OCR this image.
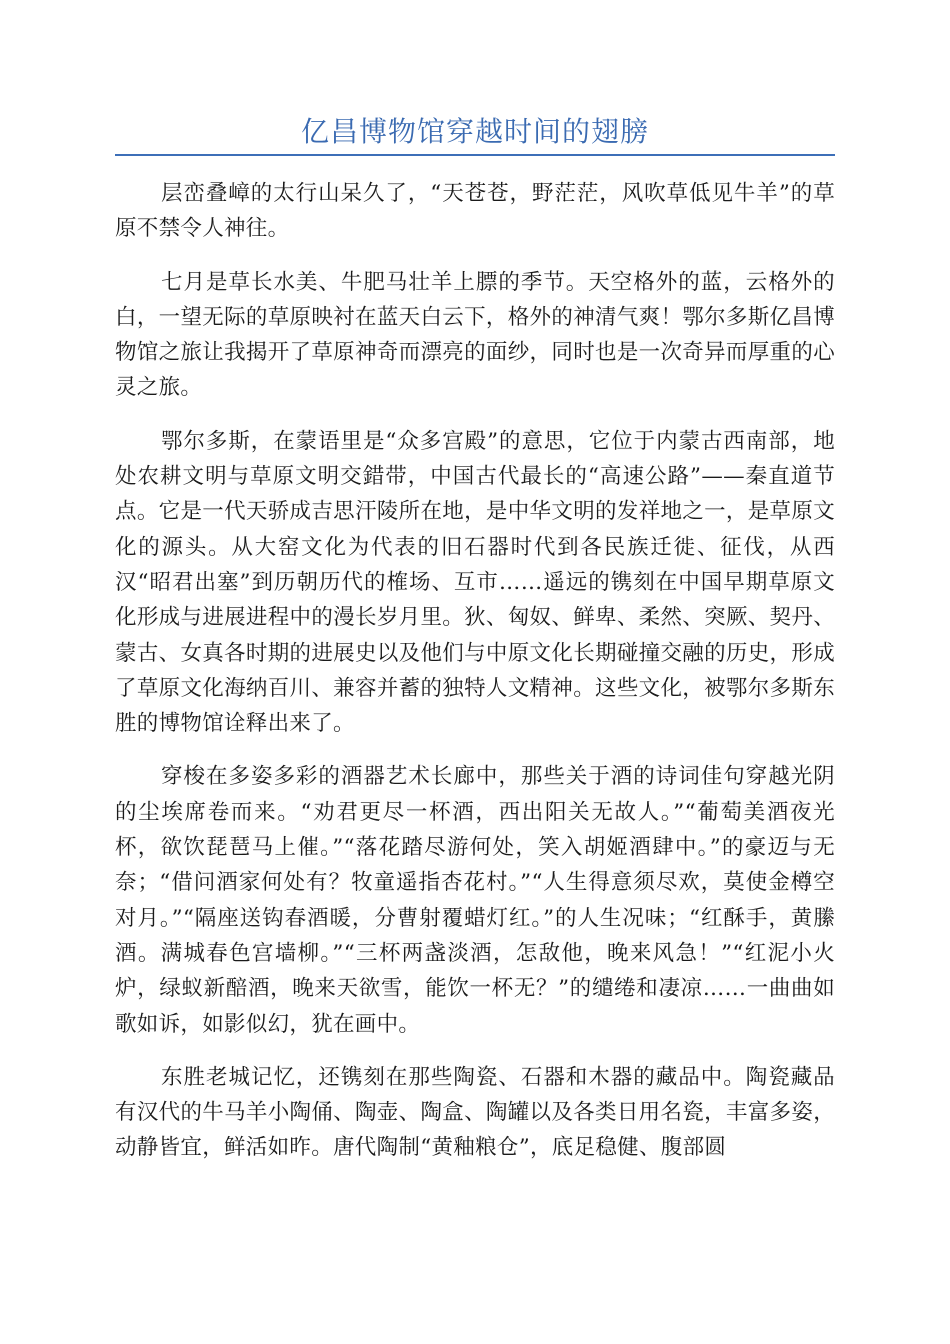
亿昌博物馆穿越时间的翅膀

层峦叠嶂的太行山呆久了，“天苍苍，野茫茫，风吹草低见牛羊”的草原不禁令人神往。

七月是草长水美、牛肥马壮羊上膘的季节。天空格外的蓝，云格外的白，一望无际的草原映衬在蓝天白云下，格外的神清气爽！鄂尔多斯亿昌博物馆之旅让我揭开了草原神奇而漂亮的面纱，同时也是一次奇异而厚重的心灵之旅。

鄂尔多斯，在蒙语里是“众多宫殿”的意思，它位于内蒙古西南部，地处农耕文明与草原文明交錯带，中国古代最长的“高速公路”——秦直道节点。它是一代天骄成吉思汗陵所在地，是中华文明的发祥地之一，是草原文化的源头。从大窑文化为代表的旧石器时代到各民族迁徙、征伐，从西汉“昭君出塞”到历朝历代的榷场、互市……遥远的镌刻在中国早期草原文化形成与进展进程中的漫长岁月里。狄、匈奴、鲜卑、柔然、突厥、契丹、蒙古、女真各时期的进展史以及他们与中原文化长期碰撞交融的历史，形成了草原文化海纳百川、兼容并蓄的独特人文精神。这些文化，被鄂尔多斯东胜的博物馆诠释出来了。

穿梭在多姿多彩的酒器艺术长廊中，那些关于酒的诗词佳句穿越光阴的尘埃席卷而来。“劝君更尽一杯酒，西出阳关无故人。”“葡萄美酒夜光杯，欲饮琵琶马上催。”“落花踏尽游何处，笑入胡姬酒肆中。”的豪迈与无奈；“借问酒家何处有？牧童遥指杏花村。”“人生得意须尽欢，莫使金樽空对月。”“隔座送钩春酒暖，分曹射覆蜡灯红。”的人生况味；“红酥手，黄縢酒。满城春色宫墙柳。”“三杯两盏淡酒，怎敌他，晚来风急！”“红泥小火炉，绿蚁新醅酒，晚来天欲雪，能饮一杯无？”的缱绻和凄凉……一曲曲如歌如诉，如影似幻，犹在画中。

东胜老城记忆，还镌刻在那些陶瓷、石器和木器的藏品中。陶瓷藏品有汉代的牛马羊小陶俑、陶壶、陶盒、陶罐以及各类日用名瓷，丰富多姿，动静皆宜，鲜活如昨。唐代陶制“黄釉粮仓”，底足稳健、腹部圆
